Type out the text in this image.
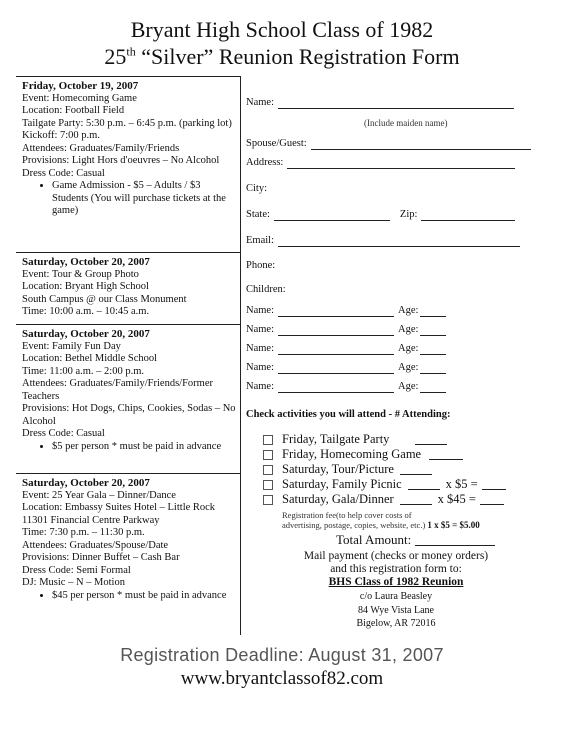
Bryant High School Class of 1982
25th “Silver” Reunion Registration Form
Friday, October 19, 2007
Event: Homecoming Game
Location: Football Field
Tailgate Party: 5:30 p.m. – 6:45 p.m. (parking lot)
Kickoff: 7:00 p.m.
Attendees: Graduates/Family/Friends
Provisions: Light Hors d'oeuvres – No Alcohol
Dress Code: Casual
• Game Admission - $5 – Adults / $3 Students (You will purchase tickets at the game)
Saturday, October 20, 2007
Event: Tour & Group Photo
Location: Bryant High School
South Campus @ our Class Monument
Time: 10:00 a.m. – 10:45 a.m.
Saturday, October 20, 2007
Event: Family Fun Day
Location: Bethel Middle School
Time: 11:00 a.m. – 2:00 p.m.
Attendees: Graduates/Family/Friends/Former Teachers
Provisions: Hot Dogs, Chips, Cookies, Sodas – No Alcohol
Dress Code: Casual
• $5 per person * must be paid in advance
Saturday, October 20, 2007
Event: 25 Year Gala – Dinner/Dance
Location: Embassy Suites Hotel – Little Rock
11301 Financial Centre Parkway
Time: 7:30 p.m. – 11:30 p.m.
Attendees: Graduates/Spouse/Date
Provisions: Dinner Buffet – Cash Bar
Dress Code: Semi Formal
DJ: Music – N – Motion
• $45 per person * must be paid in advance
Name:
(Include maiden name)
Spouse/Guest:
Address:
City:
State:	Zip:
Email:
Phone:
Children:
Name:	Age:
Name:	Age:
Name:	Age:
Name:	Age:
Name:	Age:
Check activities you will attend - # Attending:
Friday, Tailgate Party
Friday, Homecoming Game
Saturday, Tour/Picture
Saturday, Family Picnic	x $5 =
Saturday, Gala/Dinner	x $45 =
Registration fee(to help cover costs of
advertising, postage, copies, website, etc.) 1 x $5 = $5.00
Total Amount:
Mail payment (checks or money orders)
and this registration form to:
BHS Class of 1982 Reunion
c/o Laura Beasley
84 Wye Vista Lane
Bigelow, AR 72016
Registration Deadline: August 31, 2007
www.bryantclassof82.com
